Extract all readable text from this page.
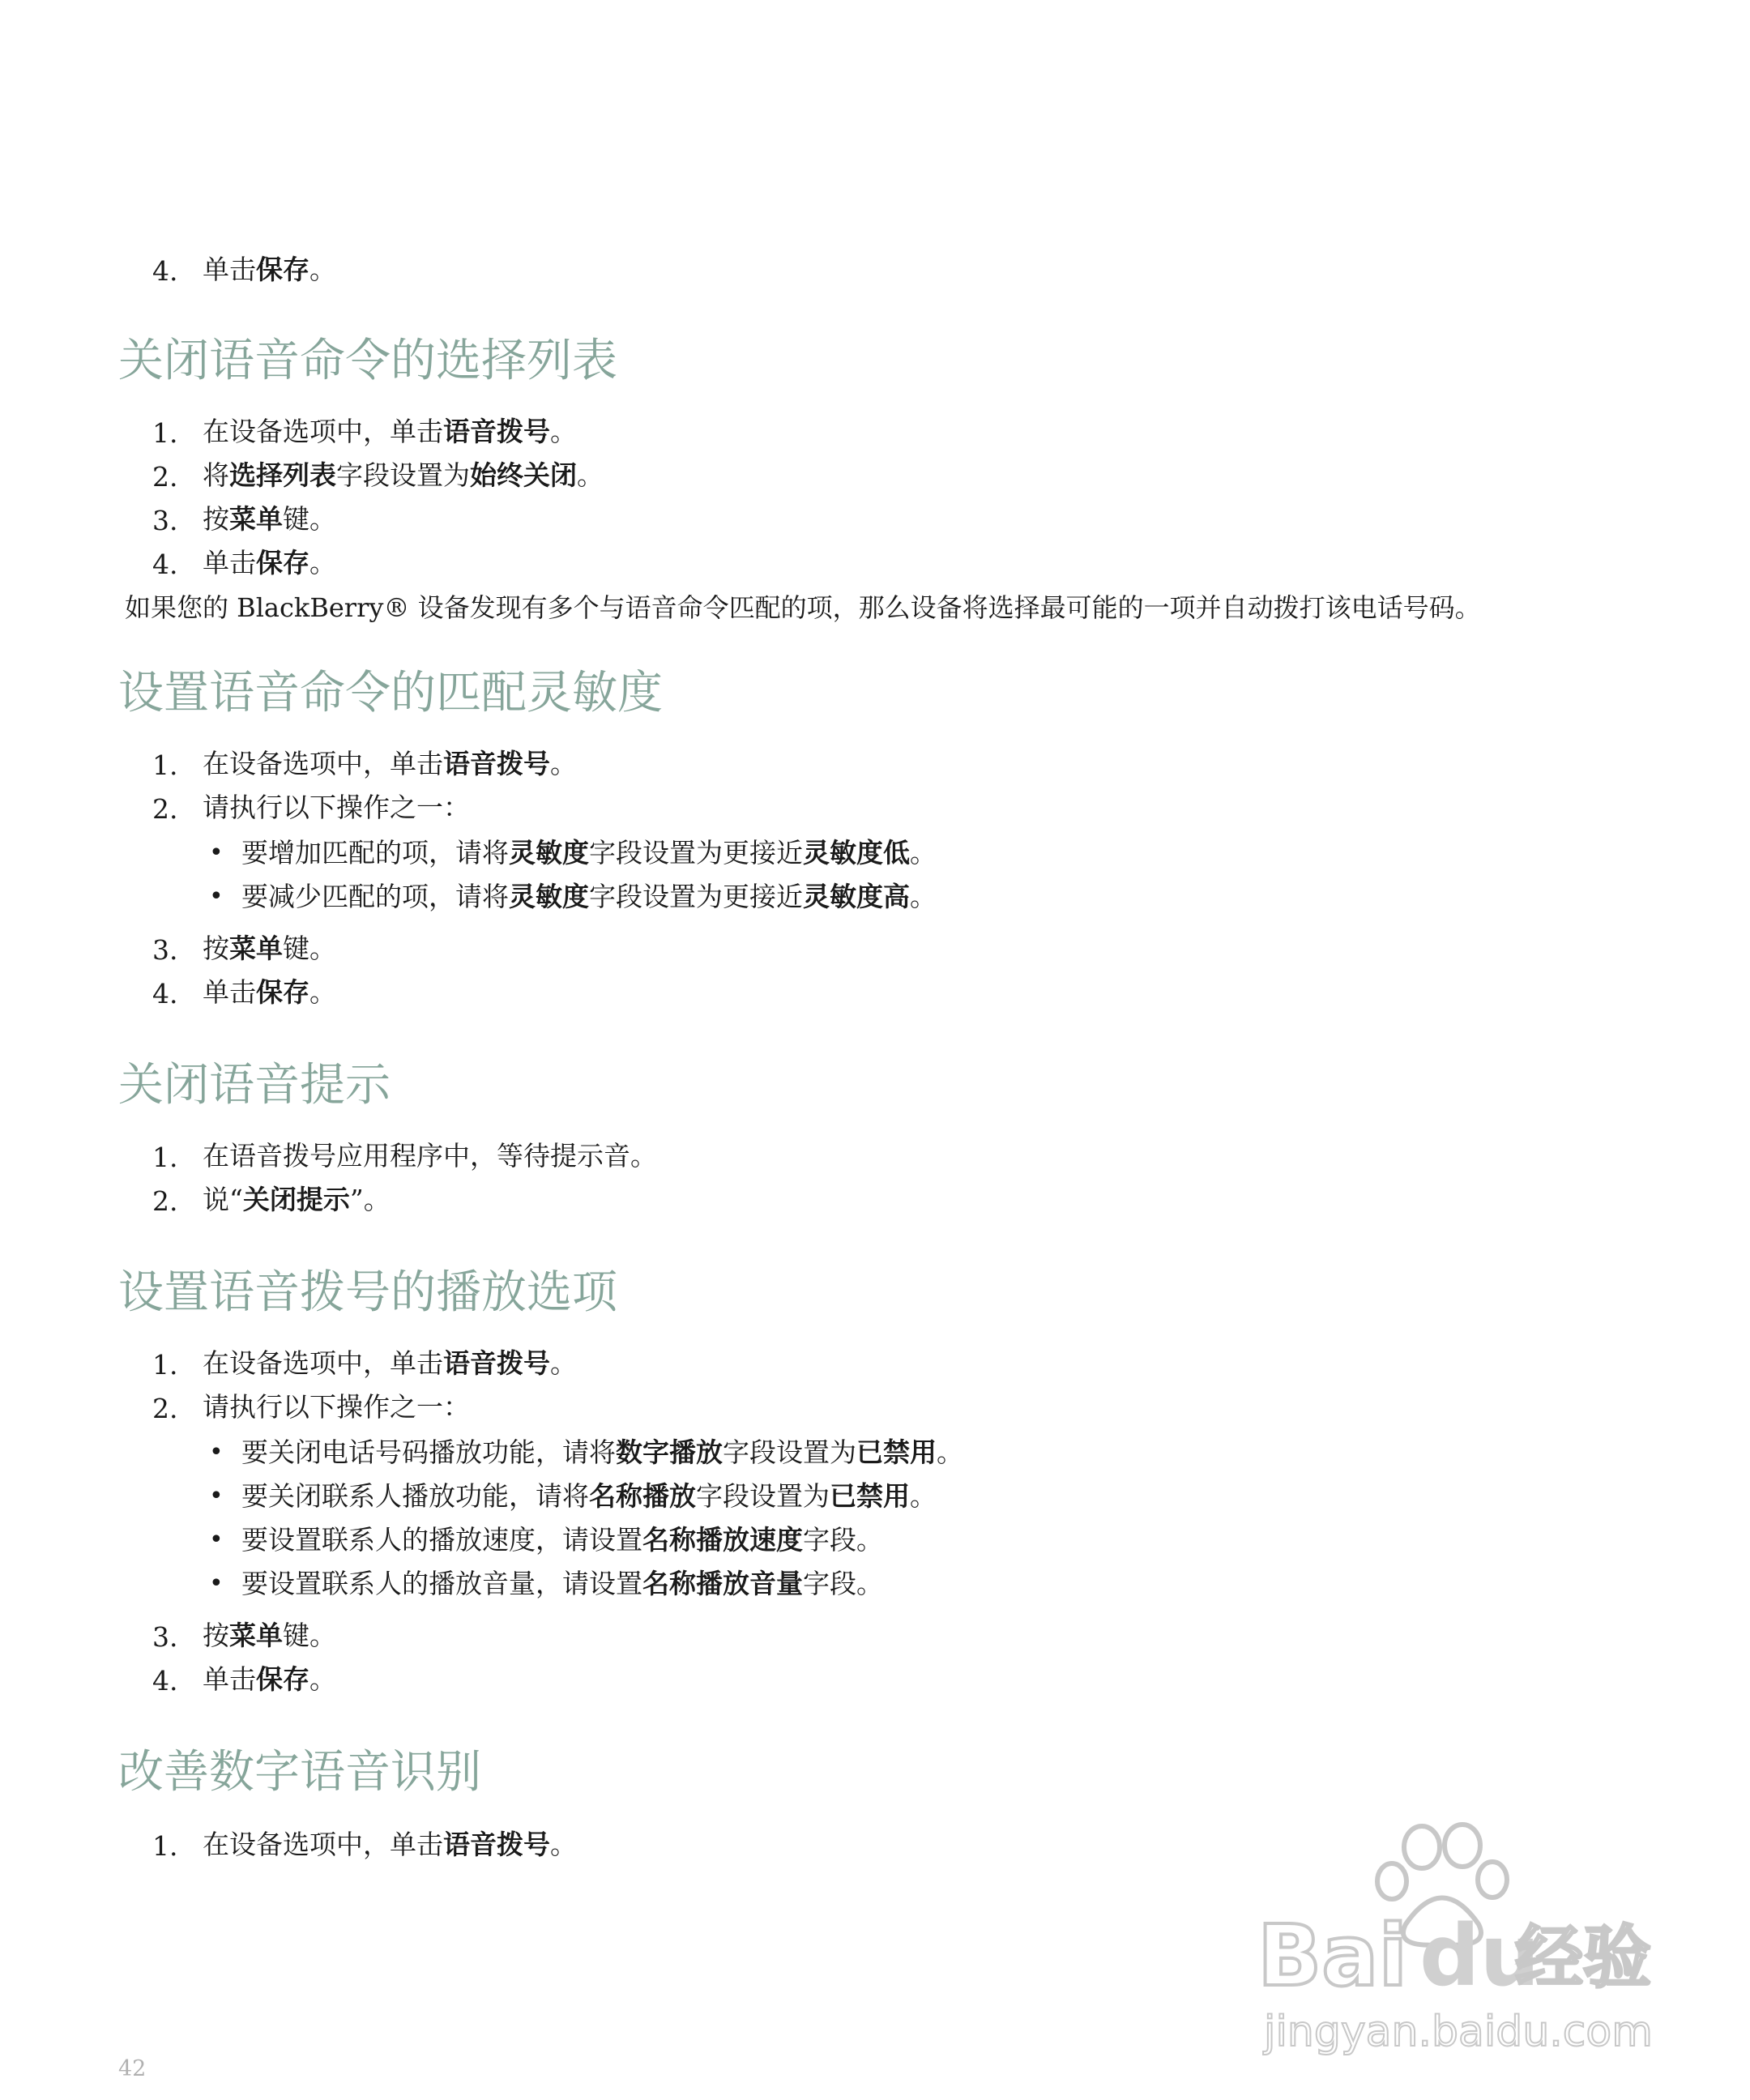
4. 单击保存。
关闭语音命令的选择列表
1. 在设备选项中，单击语音拨号。
2. 将选择列表字段设置为始终关闭。
3. 按菜单键。
4. 单击保存。
如果您的 BlackBerry® 设备发现有多个与语音命令匹配的项，那么设备将选择最可能的一项并自动拨打该电话号码。
设置语音命令的匹配灵敏度
1. 在设备选项中，单击语音拨号。
2. 请执行以下操作之一：
• 要增加匹配的项，请将灵敏度字段设置为更接近灵敏度低。
• 要减少匹配的项，请将灵敏度字段设置为更接近灵敏度高。
3. 按菜单键。
4. 单击保存。
关闭语音提示
1. 在语音拨号应用程序中，等待提示音。
2. 说“关闭提示”。
设置语音拨号的播放选项
1. 在设备选项中，单击语音拨号。
2. 请执行以下操作之一：
• 要关闭电话号码播放功能，请将数字播放字段设置为已禁用。
• 要关闭联系人播放功能，请将名称播放字段设置为已禁用。
• 要设置联系人的播放速度，请设置名称播放速度字段。
• 要设置联系人的播放音量，请设置名称播放音量字段。
3. 按菜单键。
4. 单击保存。
改善数字语音识别
1. 在设备选项中，单击语音拨号。
Bai du
经验
jingyan.baidu.com
42
